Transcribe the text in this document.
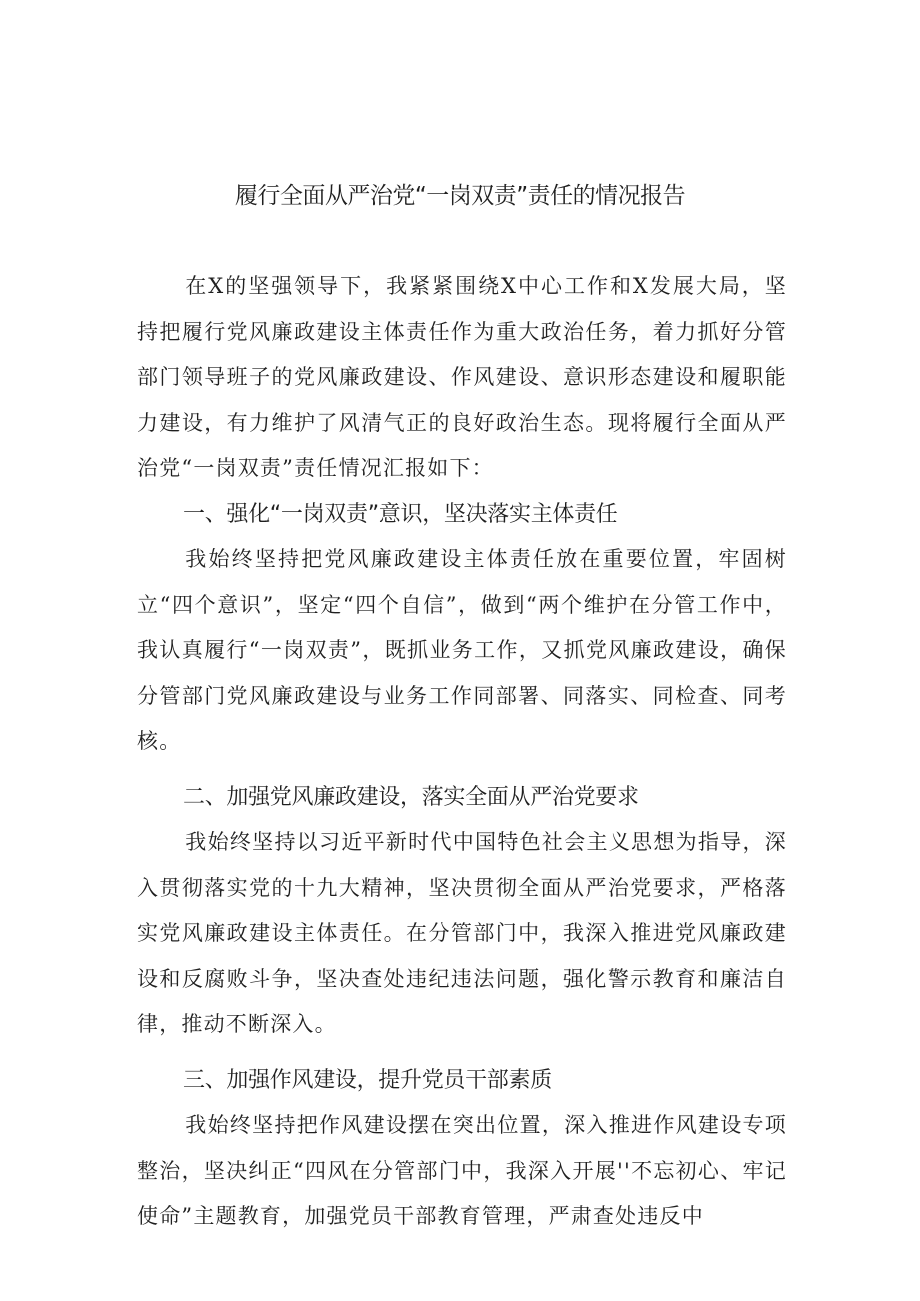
履行全面从严治党“一岗双责”责任的情况报告

在X的坚强领导下，我紧紧围绕X中心工作和X发展大局，坚持把履行党风廉政建设主体责任作为重大政治任务，着力抓好分管部门领导班子的党风廉政建设、作风建设、意识形态建设和履职能力建设，有力维护了风清气正的良好政治生态。现将履行全面从严治党“一岗双责”责任情况汇报如下：

一、强化“一岗双责”意识，坚决落实主体责任

我始终坚持把党风廉政建设主体责任放在重要位置，牢固树立“四个意识”，坚定“四个自信”，做到“两个维护在分管工作中，我认真履行“一岗双责”，既抓业务工作，又抓党风廉政建设，确保分管部门党风廉政建设与业务工作同部署、同落实、同检查、同考核。

二、加强党风廉政建设，落实全面从严治党要求

我始终坚持以习近平新时代中国特色社会主义思想为指导，深入贯彻落实党的十九大精神，坚决贯彻全面从严治党要求，严格落实党风廉政建设主体责任。在分管部门中，我深入推进党风廉政建设和反腐败斗争，坚决查处违纪违法问题，强化警示教育和廉洁自律，推动不断深入。

三、加强作风建设，提升党员干部素质

我始终坚持把作风建设摆在突出位置，深入推进作风建设专项整治，坚决纠正“四风在分管部门中，我深入开展''不忘初心、牢记使命”主题教育，加强党员干部教育管理，严肃查处违反中
